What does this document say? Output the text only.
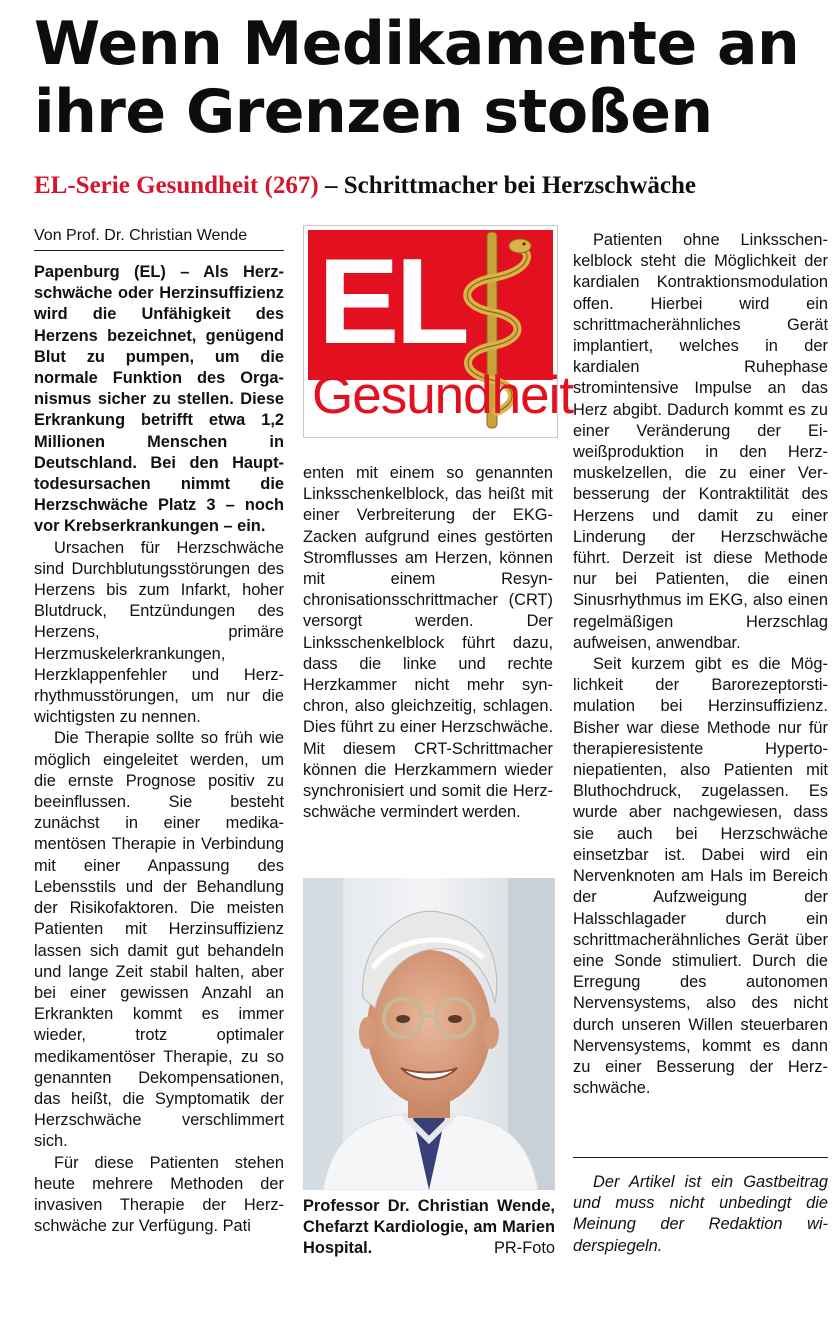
Wenn Medikamente an
ihre Grenzen stoßen
EL-Serie Gesundheit (267) – Schrittmacher bei Herzschwäche
Von Prof. Dr. Christian Wende

Papenburg (EL) – Als Herzschwäche oder Herzinsuffizienz wird die Unfähigkeit des Herzens bezeichnet, genügend Blut zu pumpen, um die normale Funktion des Organismus sicher zu stellen. Diese Erkrankung betrifft etwa 1,2 Millionen Menschen in Deutschland. Bei den Haupttodesursachen nimmt die Herzschwäche Platz 3 – noch vor Krebserkrankungen – ein.

Ursachen für Herzschwäche sind Durchblutungsstörungen des Herzens bis zum Infarkt, hoher Blutdruck, Entzündungen des Herzens, primäre Herzmuskelerkrankungen, Herzklappenfehler und Herzrhythmusstörungen, um nur die wichtigsten zu nennen.

Die Therapie sollte so früh wie möglich eingeleitet werden, um die ernste Prognose positiv zu beeinflussen. Sie besteht zunächst in einer medikamentösen Therapie in Verbindung mit einer Anpassung des Lebensstils und der Behandlung der Risikofaktoren. Die meisten Patienten mit Herzinsuffizienz lassen sich damit gut behandeln und lange Zeit stabil halten, aber bei einer gewissen Anzahl an Erkrankten kommt es immer wieder, trotz optimaler medikamentöser Therapie, zu so genannten Dekompensationen, das heißt, die Symptomatik der Herzschwäche verschlimmert sich.

Für diese Patienten stehen heute mehrere Methoden der invasiven Therapie der Herzschwäche zur Verfügung. Pati

EL
Gesundheit

enten mit einem so genannten Linksschenkelblock, das heißt mit einer Verbreiterung der EKG-Zacken aufgrund eines gestörten Stromflusses am Herzen, können mit einem Resynchronisationsschrittmacher (CRT) versorgt werden. Der Linksschenkelblock führt dazu, dass die linke und rechte Herzkammer nicht mehr synchron, also gleichzeitig, schlagen. Dies führt zu einer Herzschwäche. Mit diesem CRT-Schrittmacher können die Herzkammern wieder synchronisiert und somit die Herzschwäche vermindert werden.

Professor Dr. Christian Wende, Chefarzt Kardiologie, am Marien Hospital.	PR-Foto

Patienten ohne Linksschenkelblock steht die Möglichkeit der kardialen Kontraktionsmodulation offen. Hierbei wird ein schrittmacherähnliches Gerät implantiert, welches in der kardialen Ruhephase stromintensive Impulse an das Herz abgibt. Dadurch kommt es zu einer Veränderung der Eiweißproduktion in den Herzmuskelzellen, die zu einer Verbesserung der Kontraktilität des Herzens und damit zu einer Linderung der Herzschwäche führt. Derzeit ist diese Methode nur bei Patienten, die einen Sinusrhythmus im EKG, also einen regelmäßigen Herzschlag aufweisen, anwendbar.

Seit kurzem gibt es die Möglichkeit der Barorezeptorstimulation bei Herzinsuffizienz. Bisher war diese Methode nur für therapieresistente Hypertoniepatienten, also Patienten mit Bluthochdruck, zugelassen. Es wurde aber nachgewiesen, dass sie auch bei Herzschwäche einsetzbar ist. Dabei wird ein Nervenknoten am Hals im Bereich der Aufzweigung der Halsschlagader durch ein schrittmacherähnliches Gerät über eine Sonde stimuliert. Durch die Erregung des autonomen Nervensystems, also des nicht durch unseren Willen steuerbaren Nervensystems, kommt es dann zu einer Besserung der Herzschwäche.

Der Artikel ist ein Gastbeitrag und muss nicht unbedingt die Meinung der Redaktion widerspiegeln.
